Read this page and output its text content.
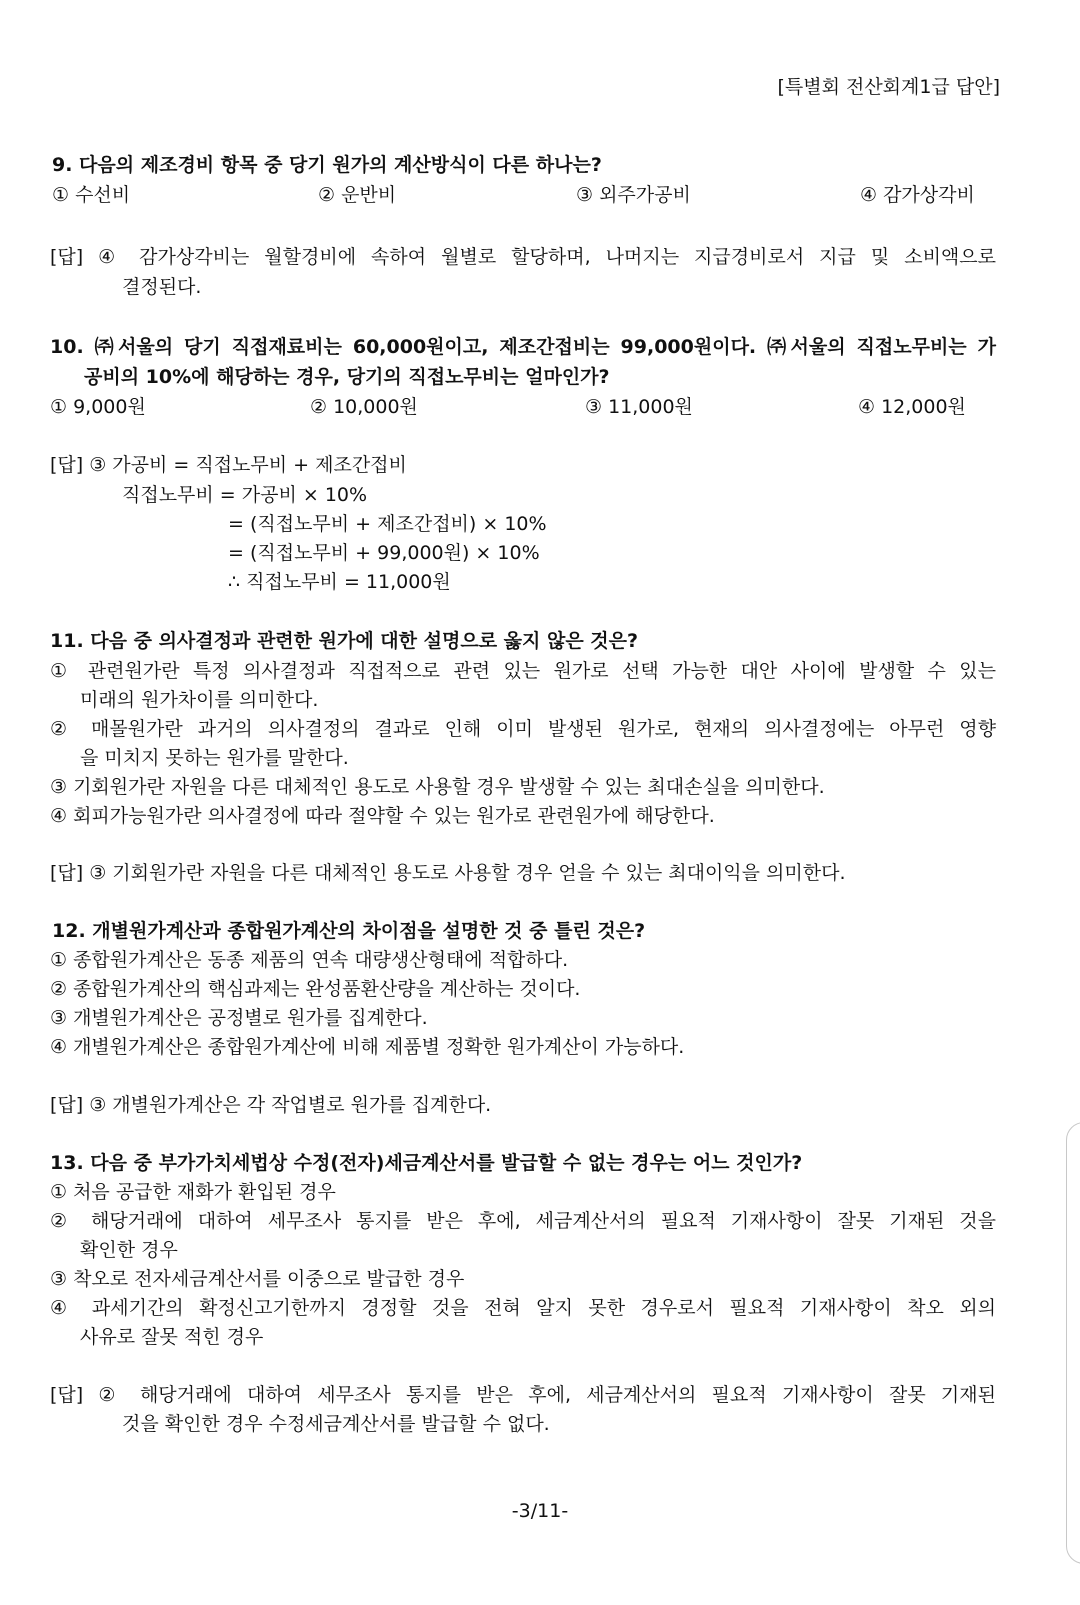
[특별회 전산회계1급 답안]
9. 다음의 제조경비 항목 중 당기 원가의 계산방식이 다른 하나는?
① 수선비	② 운반비	③ 외주가공비	④ 감가상각비
[답] ④ 감가상각비는 월할경비에 속하여 월별로 할당하며, 나머지는 지급경비로서 지급 및 소비액으로
결정된다.
10. ㈜서울의 당기 직접재료비는 60,000원이고, 제조간접비는 99,000원이다. ㈜서울의 직접노무비는 가
공비의 10%에 해당하는 경우, 당기의 직접노무비는 얼마인가?
① 9,000원	② 10,000원	③ 11,000원	④ 12,000원
[답] ③ 가공비 = 직접노무비 + 제조간접비
직접노무비 = 가공비 × 10%
= (직접노무비 + 제조간접비) × 10%
= (직접노무비 + 99,000원) × 10%
∴ 직접노무비 = 11,000원
11. 다음 중 의사결정과 관련한 원가에 대한 설명으로 옳지 않은 것은?
① 관련원가란 특정 의사결정과 직접적으로 관련 있는 원가로 선택 가능한 대안 사이에 발생할 수 있는
미래의 원가차이를 의미한다.
② 매몰원가란 과거의 의사결정의 결과로 인해 이미 발생된 원가로, 현재의 의사결정에는 아무런 영향
을 미치지 못하는 원가를 말한다.
③ 기회원가란 자원을 다른 대체적인 용도로 사용할 경우 발생할 수 있는 최대손실을 의미한다.
④ 회피가능원가란 의사결정에 따라 절약할 수 있는 원가로 관련원가에 해당한다.
[답] ③ 기회원가란 자원을 다른 대체적인 용도로 사용할 경우 얻을 수 있는 최대이익을 의미한다.
12. 개별원가계산과 종합원가계산의 차이점을 설명한 것 중 틀린 것은?
① 종합원가계산은 동종 제품의 연속 대량생산형태에 적합하다.
② 종합원가계산의 핵심과제는 완성품환산량을 계산하는 것이다.
③ 개별원가계산은 공정별로 원가를 집계한다.
④ 개별원가계산은 종합원가계산에 비해 제품별 정확한 원가계산이 가능하다.
[답] ③ 개별원가계산은 각 작업별로 원가를 집계한다.
13. 다음 중 부가가치세법상 수정(전자)세금계산서를 발급할 수 없는 경우는 어느 것인가?
① 처음 공급한 재화가 환입된 경우
② 해당거래에 대하여 세무조사 통지를 받은 후에, 세금계산서의 필요적 기재사항이 잘못 기재된 것을
확인한 경우
③ 착오로 전자세금계산서를 이중으로 발급한 경우
④ 과세기간의 확정신고기한까지 경정할 것을 전혀 알지 못한 경우로서 필요적 기재사항이 착오 외의
사유로 잘못 적힌 경우
[답] ② 해당거래에 대하여 세무조사 통지를 받은 후에, 세금계산서의 필요적 기재사항이 잘못 기재된
것을 확인한 경우 수정세금계산서를 발급할 수 없다.
-3/11-
